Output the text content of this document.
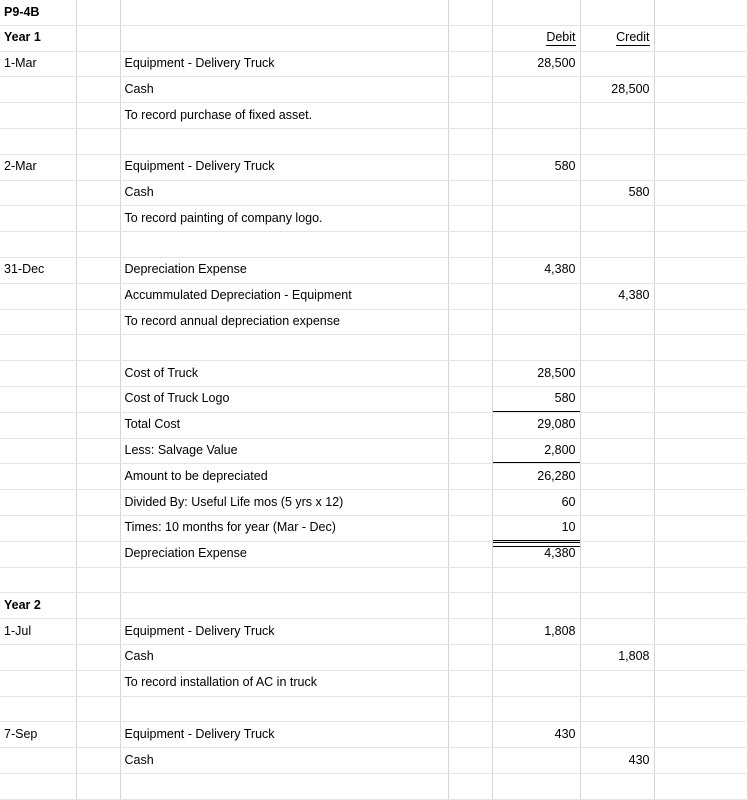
P9-4B						
Year 1				Debit	Credit	
1-Mar		Equipment - Delivery Truck		28,500		
		Cash			28,500	
		To record purchase of fixed asset.				

2-Mar		Equipment - Delivery Truck		580		
		Cash			580	
		To record painting of company logo.				

31-Dec		Depreciation Expense		4,380		
		Accummulated Depreciation - Equipment			4,380	
		To record annual depreciation expense				

		Cost of Truck		28,500		
		Cost of Truck Logo		580		
		Total Cost		29,080		
		Less: Salvage Value		2,800		
		Amount to be depreciated		26,280		
		Divided By: Useful Life mos (5 yrs x 12)		60		
		Times: 10 months for year (Mar - Dec)		10		
		Depreciation Expense		4,380		

Year 2						
1-Jul		Equipment - Delivery Truck		1,808		
		Cash			1,808	
		To record installation of AC in truck				

7-Sep		Equipment - Delivery Truck		430		
		Cash			430	
